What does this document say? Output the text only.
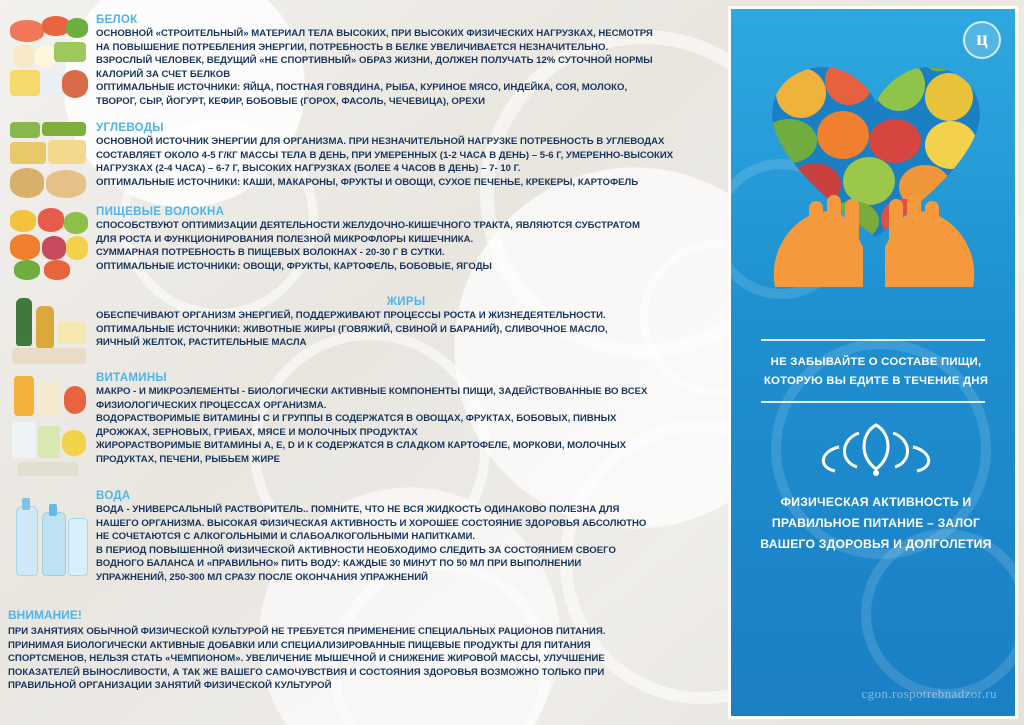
БЕЛОК

ОСНОВНОЙ «СТРОИТЕЛЬНЫЙ» МАТЕРИАЛ ТЕЛА ВЫСОКИХ, ПРИ ВЫСОКИХ ФИЗИЧЕСКИХ НАГРУЗКАХ, НЕСМОТРЯ

НА ПОВЫШЕНИЕ ПОТРЕБЛЕНИЯ ЭНЕРГИИ, ПОТРЕБНОСТЬ В БЕЛКЕ УВЕЛИЧИВАЕТСЯ НЕЗНАЧИТЕЛЬНО.

ВЗРОСЛЫЙ ЧЕЛОВЕК, ВЕДУЩИЙ «НЕ СПОРТИВНЫЙ» ОБРАЗ ЖИЗНИ, ДОЛЖЕН ПОЛУЧАТЬ 12% СУТОЧНОЙ НОРМЫ

КАЛОРИЙ ЗА СЧЕТ БЕЛКОВ

ОПТИМАЛЬНЫЕ ИСТОЧНИКИ: ЯЙЦА, ПОСТНАЯ ГОВЯДИНА, РЫБА, КУРИНОЕ МЯСО, ИНДЕЙКА, СОЯ, МОЛОКО,

ТВОРОГ, СЫР, ЙОГУРТ, КЕФИР, БОБОВЫЕ (ГОРОХ, ФАСОЛЬ, ЧЕЧЕВИЦА), ОРЕХИ

УГЛЕВОДЫ

ОСНОВНОЙ ИСТОЧНИК ЭНЕРГИИ ДЛЯ ОРГАНИЗМА. ПРИ НЕЗНАЧИТЕЛЬНОЙ НАГРУЗКЕ ПОТРЕБНОСТЬ В УГЛЕВОДАХ

СОСТАВЛЯЕТ ОКОЛО 4-5 Г/КГ МАССЫ ТЕЛА В ДЕНЬ, ПРИ УМЕРЕННЫХ (1-2 ЧАСА В ДЕНЬ) – 5-6 Г, УМЕРЕННО-ВЫСОКИХ

НАГРУЗКАХ (2-4 ЧАСА) – 6-7 Г, ВЫСОКИХ НАГРУЗКАХ (БОЛЕЕ 4 ЧАСОВ В ДЕНЬ) – 7- 10 Г.

ОПТИМАЛЬНЫЕ ИСТОЧНИКИ: КАШИ, МАКАРОНЫ, ФРУКТЫ И ОВОЩИ, СУХОЕ ПЕЧЕНЬЕ, КРЕКЕРЫ, КАРТОФЕЛЬ

ПИЩЕВЫЕ ВОЛОКНА

СПОСОБСТВУЮТ ОПТИМИЗАЦИИ ДЕЯТЕЛЬНОСТИ ЖЕЛУДОЧНО-КИШЕЧНОГО ТРАКТА, ЯВЛЯЮТСЯ СУБСТРАТОМ

ДЛЯ РОСТА И ФУНКЦИОНИРОВАНИЯ ПОЛЕЗНОЙ МИКРОФЛОРЫ КИШЕЧНИКА.

СУММАРНАЯ ПОТРЕБНОСТЬ В ПИЩЕВЫХ ВОЛОКНАХ - 20-30 Г В СУТКИ.

ОПТИМАЛЬНЫЕ ИСТОЧНИКИ: ОВОЩИ, ФРУКТЫ, КАРТОФЕЛЬ, БОБОВЫЕ, ЯГОДЫ

ЖИРЫ

ОБЕСПЕЧИВАЮТ ОРГАНИЗМ ЭНЕРГИЕЙ, ПОДДЕРЖИВАЮТ ПРОЦЕССЫ РОСТА И ЖИЗНЕДЕЯТЕЛЬНОСТИ.

ОПТИМАЛЬНЫЕ ИСТОЧНИКИ: ЖИВОТНЫЕ ЖИРЫ (ГОВЯЖИЙ, СВИНОЙ И БАРАНИЙ), СЛИВОЧНОЕ МАСЛО,

ЯИЧНЫЙ ЖЕЛТОК, РАСТИТЕЛЬНЫЕ МАСЛА

ВИТАМИНЫ

МАКРО - И МИКРОЭЛЕМЕНТЫ - БИОЛОГИЧЕСКИ АКТИВНЫЕ КОМПОНЕНТЫ ПИЩИ, ЗАДЕЙСТВОВАННЫЕ ВО ВСЕХ

ФИЗИОЛОГИЧЕСКИХ ПРОЦЕССАХ ОРГАНИЗМА.

ВОДОРАСТВОРИМЫЕ ВИТАМИНЫ С И ГРУППЫ В СОДЕРЖАТСЯ В ОВОЩАХ, ФРУКТАХ, БОБОВЫХ, ПИВНЫХ

ДРОЖЖАХ, ЗЕРНОВЫХ, ГРИБАХ, МЯСЕ И МОЛОЧНЫХ ПРОДУКТАХ

ЖИРОРАСТВОРИМЫЕ ВИТАМИНЫ А, Е, D И К СОДЕРЖАТСЯ В СЛАДКОМ КАРТОФЕЛЕ, МОРКОВИ, МОЛОЧНЫХ

ПРОДУКТАХ, ПЕЧЕНИ, РЫБЬЕМ ЖИРЕ

ВОДА

ВОДА - УНИВЕРСАЛЬНЫЙ РАСТВОРИТЕЛЬ.. ПОМНИТЕ, ЧТО НЕ ВСЯ ЖИДКОСТЬ ОДИНАКОВО ПОЛЕЗНА ДЛЯ

НАШЕГО ОРГАНИЗМА. ВЫСОКАЯ ФИЗИЧЕСКАЯ АКТИВНОСТЬ И ХОРОШЕЕ СОСТОЯНИЕ ЗДОРОВЬЯ АБСОЛЮТНО

НЕ СОЧЕТАЮТСЯ С АЛКОГОЛЬНЫМИ И СЛАБОАЛКОГОЛЬНЫМИ НАПИТКАМИ.

В ПЕРИОД ПОВЫШЕННОЙ ФИЗИЧЕСКОЙ АКТИВНОСТИ НЕОБХОДИМО СЛЕДИТЬ ЗА СОСТОЯНИЕМ СВОЕГО

ВОДНОГО БАЛАНСА И «ПРАВИЛЬНО» ПИТЬ ВОДУ: КАЖДЫЕ 30 МИНУТ ПО 50 МЛ ПРИ ВЫПОЛНЕНИИ

УПРАЖНЕНИЙ, 250-300 МЛ СРАЗУ ПОСЛЕ ОКОНЧАНИЯ УПРАЖНЕНИЙ

ВНИМАНИЕ!

ПРИ ЗАНЯТИЯХ ОБЫЧНОЙ ФИЗИЧЕСКОЙ КУЛЬТУРОЙ НЕ ТРЕБУЕТСЯ ПРИМЕНЕНИЕ СПЕЦИАЛЬНЫХ РАЦИОНОВ ПИТАНИЯ.

ПРИНИМАЯ БИОЛОГИЧЕСКИ АКТИВНЫЕ ДОБАВКИ ИЛИ СПЕЦИАЛИЗИРОВАННЫЕ ПИЩЕВЫЕ ПРОДУКТЫ ДЛЯ ПИТАНИЯ

СПОРТСМЕНОВ, НЕЛЬЗЯ СТАТЬ «ЧЕМПИОНОМ». УВЕЛИЧЕНИЕ МЫШЕЧНОЙ И СНИЖЕНИЕ ЖИРОВОЙ МАССЫ, УЛУЧШЕНИЕ

ПОКАЗАТЕЛЕЙ ВЫНОСЛИВОСТИ, А ТАК ЖЕ ВАШЕГО САМОЧУВСТВИЯ И СОСТОЯНИЯ ЗДОРОВЬЯ ВОЗМОЖНО ТОЛЬКО ПРИ

ПРАВИЛЬНОЙ ОРГАНИЗАЦИИ ЗАНЯТИЙ ФИЗИЧЕСКОЙ КУЛЬТУРОЙ

ц
НЕ ЗАБЫВАЙТЕ О СОСТАВЕ ПИЩИ,
КОТОРУЮ ВЫ ЕДИТЕ В ТЕЧЕНИЕ ДНЯ
ФИЗИЧЕСКАЯ АКТИВНОСТЬ И
ПРАВИЛЬНОЕ ПИТАНИЕ – ЗАЛОГ
ВАШЕГО ЗДОРОВЬЯ И ДОЛГОЛЕТИЯ
cgon.rospotrebnadzor.ru
